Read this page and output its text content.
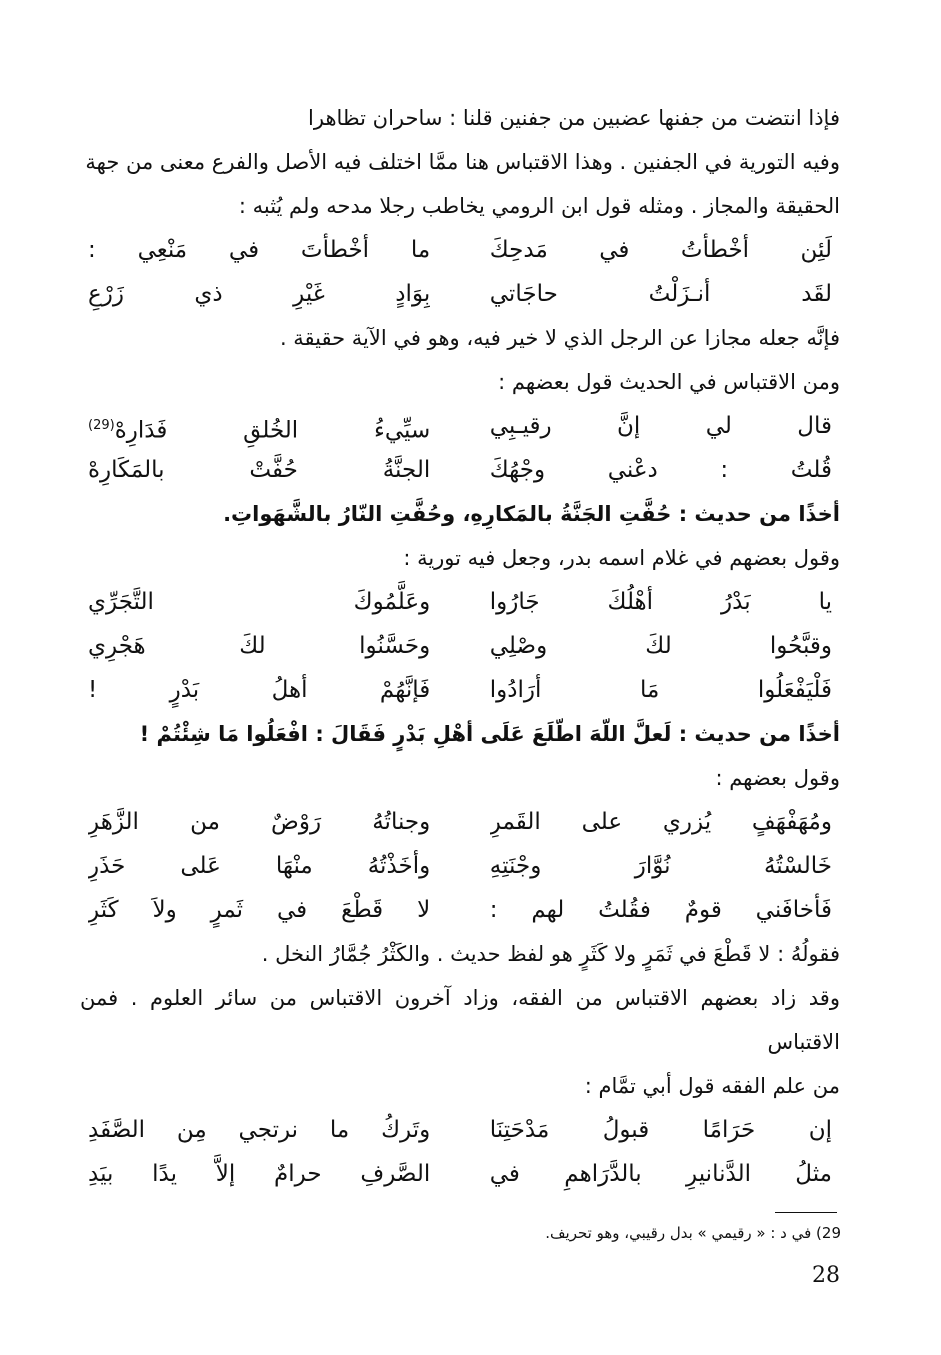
فإذا انتضت من جفنها عضبين من جفنين قلنا : ساحران تظاهرا

وفيه التورية في الجفنين . وهذا الاقتباس هنا ممَّا اختلف فيه الأصل والفرع معنى من جهة

الحقيقة والمجاز . ومثله قول ابن الرومي يخاطب رجلا مدحه ولم يُثبه :

لَئِن أخْطأتُ في مَدحِكَ
ما أخْطأتَ في مَنْعِي :
لقَد أنـزَلْتُ حاجَاتي
بِوَادٍ غَيْرِ ذي زَرْعِ

فإنَّه جعله مجازا عن الرجل الذي لا خير فيه، وهو في الآية حقيقة .

ومن الاقتباس في الحديث قول بعضهم :

قال لي إنَّ رقيـبِي
سيِّيءُ الخُلقِ فَدَارِهْ$^{(29)}$
قُلتُ : دعْني وجْهُكَ
الجنَّةُ حُفَّتْ بالمَكَارِهْ

أخذًا من حديث : حُفَّتِ الجَنَّةُ بالمَكارِهِ، وحُفَّتِ النّارُ بالشَّهَواتِ.

وقول بعضهم في غلام اسمه بدر، وجعل فيه تورية :

يا بَدْرُ أهْلُكَ جَارُوا
وعَلَّمُوكَ التَّجَرِّي
وقبَّحُوا لكَ وصْلِي
وحَسَّنُوا لكَ هَجْرِي
فَلْيَفْعَلُوا مَا أرَادُوا
فَإنَّهُمْ أهلُ بَدْرٍ !

أخذًا من حديث : لَعلَّ اللّهَ اطّلَعَ عَلَى أهْلِ بَدْرٍ فَقَالَ : افْعَلُوا مَا شِئْتُمْ !

وقول بعضهم :

ومُهَفْهَفٍ يُزري على القَمرِ
وجناتُهُ رَوْضٌ من الزَّهَرِ
خَالسْتُهُ نُوَّارَ وجْنَتِهِ
وأخَذْتُهُ منْهَا عَلى حَذَرِ
فَأخافَني قومٌ فقُلتُ لهم :
لا قَطْعَ في ثَمرٍ ولاَ كَثَرِ

فقولُهُ : لا قَطْعَ في ثَمَرٍ ولا كَثَرٍ هو لفظ حديث . والكَثْرُ جُمَّارُ النخل .

وقد زاد بعضهم الاقتباس من الفقه، وزاد آخرون الاقتباس من سائر العلوم . فمن الاقتباس

من علم الفقه قول أبي تمَّام :

إن حَرَامًا قبولُ مَدْحَتِنَا
وتَركُ ما نرتجي مِن الصَّفَدِ
مثلُ الدَّنانيرِ بالدَّرَاهمِ في
الصَّرفِ حرامٌ إلاَّ يدًا بيَدِ
29) في د : « رقيمي » بدل رقيبي، وهو تحريف.
28
